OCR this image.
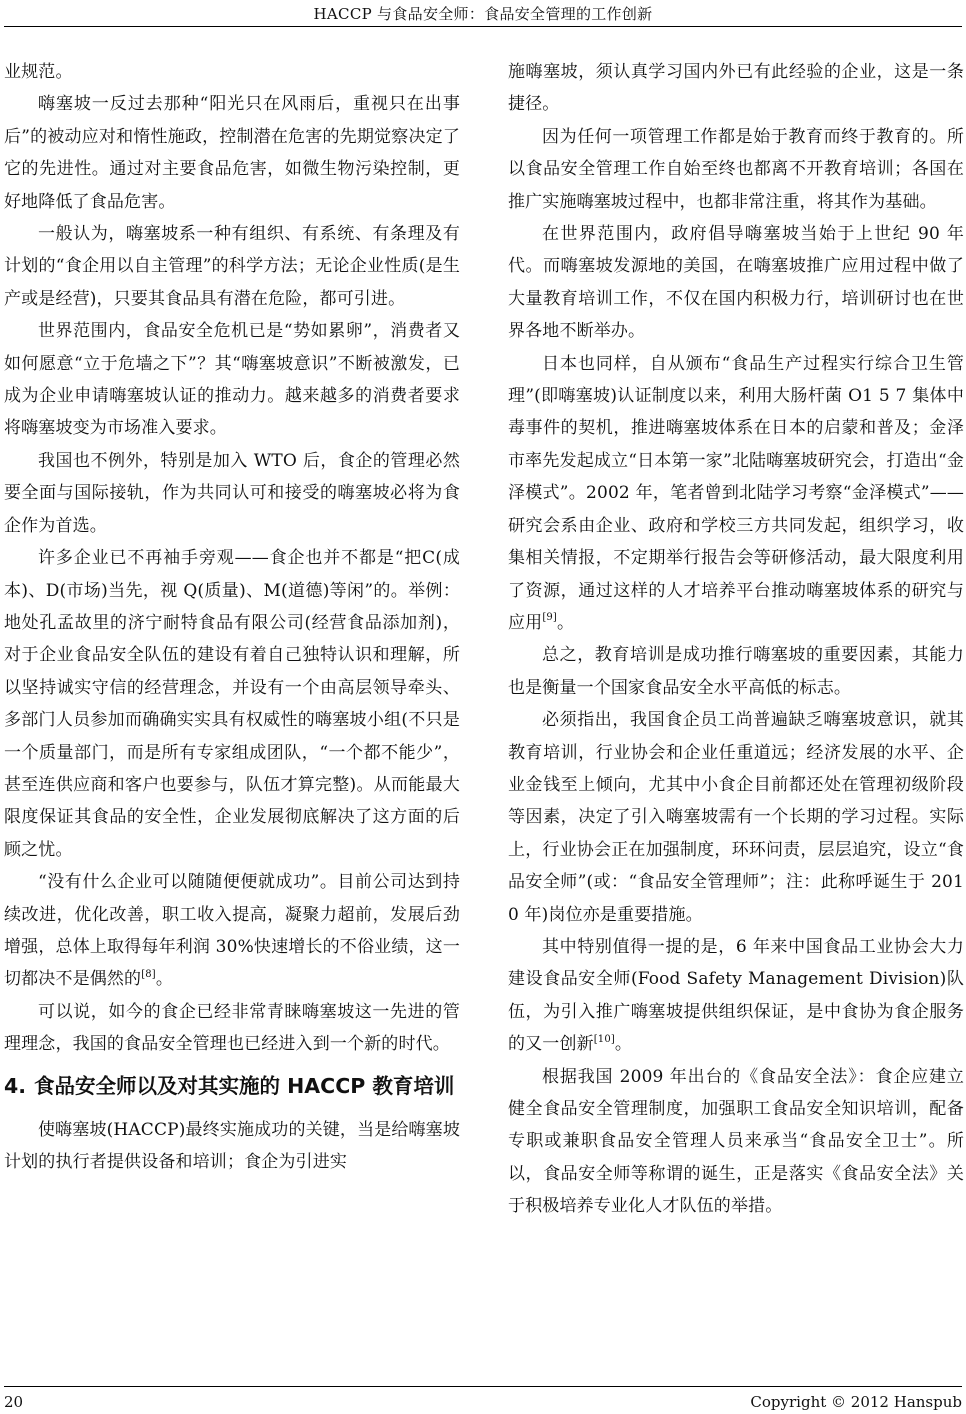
HACCP 与食品安全师：食品安全管理的工作创新

业规范。

嗨塞坡一反过去那种“阳光只在风雨后，重视只在出事后”的被动应对和惰性施政，控制潜在危害的先期觉察决定了它的先进性。通过对主要食品危害，如微生物污染控制，更好地降低了食品危害。

一般认为，嗨塞坡系一种有组织、有系统、有条理及有计划的“食企用以自主管理”的科学方法；无论企业性质(是生产或是经营)，只要其食品具有潜在危险，都可引进。

世界范围内，食品安全危机已是“势如累卵”，消费者又如何愿意“立于危墙之下”？其“嗨塞坡意识”不断被激发，已成为企业申请嗨塞坡认证的推动力。越来越多的消费者要求将嗨塞坡变为市场准入要求。

我国也不例外，特别是加入 WTO 后，食企的管理必然要全面与国际接轨，作为共同认可和接受的嗨塞坡必将为食企作为首选。

许多企业已不再袖手旁观——食企也并不都是“把C(成本)、D(市场)当先，视 Q(质量)、M(道德)等闲”的。举例：地处孔孟故里的济宁耐特食品有限公司(经营食品添加剂)，对于企业食品安全队伍的建设有着自己独特认识和理解，所以坚持诚实守信的经营理念，并设有一个由高层领导牵头、多部门人员参加而确确实实具有权威性的嗨塞坡小组(不只是一个质量部门，而是所有专家组成团队，“一个都不能少”，甚至连供应商和客户也要参与，队伍才算完整)。从而能最大限度保证其食品的安全性，企业发展彻底解决了这方面的后顾之忧。

“没有什么企业可以随随便便就成功”。目前公司达到持续改进，优化改善，职工收入提高，凝聚力超前，发展后劲增强，总体上取得每年利润 30%快速增长的不俗业绩，这一切都决不是偶然的[8]。

可以说，如今的食企已经非常青睐嗨塞坡这一先进的管理理念，我国的食品安全管理也已经进入到一个新的时代。

4. 食品安全师以及对其实施的 HACCP 教育培训

使嗨塞坡(HACCP)最终实施成功的关键，当是给嗨塞坡计划的执行者提供设备和培训；食企为引进实

施嗨塞坡，须认真学习国内外已有此经验的企业，这是一条捷径。

因为任何一项管理工作都是始于教育而终于教育的。所以食品安全管理工作自始至终也都离不开教育培训；各国在推广实施嗨塞坡过程中，也都非常注重，将其作为基础。

在世界范围内，政府倡导嗨塞坡当始于上世纪 90 年代。而嗨塞坡发源地的美国，在嗨塞坡推广应用过程中做了大量教育培训工作，不仅在国内积极力行，培训研讨也在世界各地不断举办。

日本也同样，自从颁布“食品生产过程实行综合卫生管理”(即嗨塞坡)认证制度以来，利用大肠杆菌 O1 5 7 集体中毒事件的契机，推进嗨塞坡体系在日本的启蒙和普及；金泽市率先发起成立“日本第一家”北陆嗨塞坡研究会，打造出“金泽模式”。2002 年，笔者曾到北陆学习考察“金泽模式”——研究会系由企业、政府和学校三方共同发起，组织学习，收集相关情报，不定期举行报告会等研修活动，最大限度利用了资源，通过这样的人才培养平台推动嗨塞坡体系的研究与应用[9]。

总之，教育培训是成功推行嗨塞坡的重要因素，其能力也是衡量一个国家食品安全水平高低的标志。

必须指出，我国食企员工尚普遍缺乏嗨塞坡意识，就其教育培训，行业协会和企业任重道远；经济发展的水平、企业金钱至上倾向，尤其中小食企目前都还处在管理初级阶段等因素，决定了引入嗨塞坡需有一个长期的学习过程。实际上，行业协会正在加强制度，环环问责，层层追究，设立“食品安全师”(或：“食品安全管理师”；注：此称呼诞生于 2010 年)岗位亦是重要措施。

其中特别值得一提的是，6 年来中国食品工业协会大力建设食品安全师(Food Safety Management Division)队伍，为引入推广嗨塞坡提供组织保证，是中食协为食企服务的又一创新[10]。

根据我国 2009 年出台的《食品安全法》：食企应建立健全食品安全管理制度，加强职工食品安全知识培训，配备专职或兼职食品安全管理人员来承当“食品安全卫士”。所以，食品安全师等称谓的诞生，正是落实《食品安全法》关于积极培养专业化人才队伍的举措。

20	Copyright © 2012 Hanspub
